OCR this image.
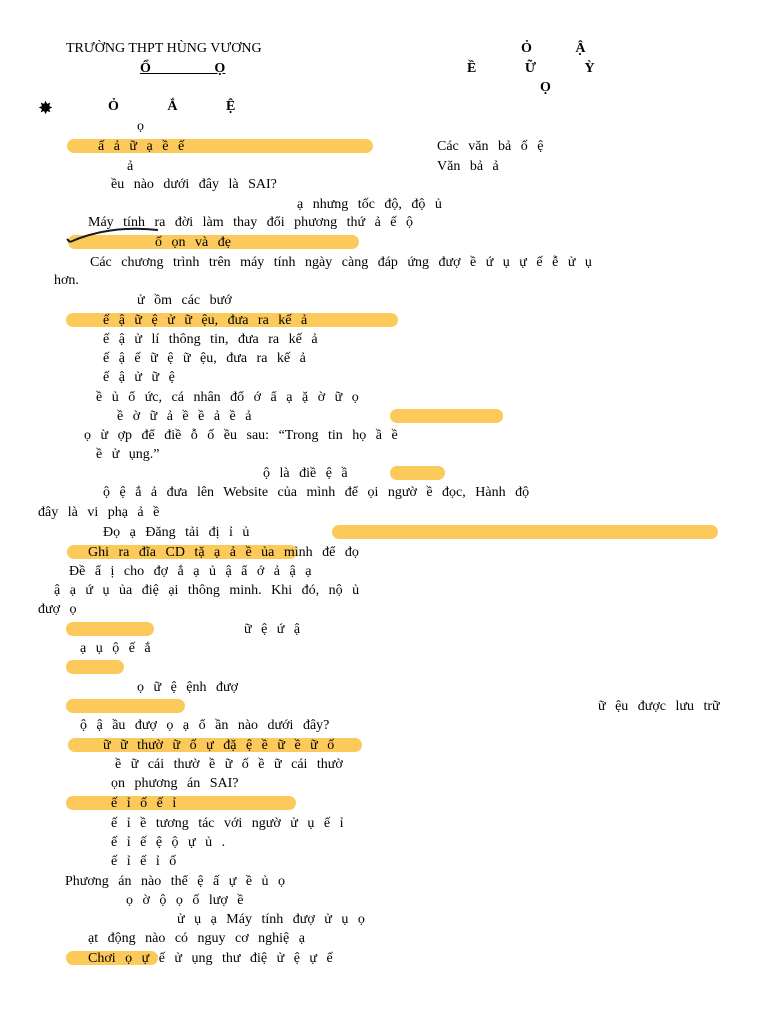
TRƯỜNG THPT HÙNG VƯƠNG
Ổ Ọ
Ỏ Ậ
Ề Ữ Ỳ
Ọ
✸	Ỏ Ắ Ệ
ọ
ấ ả ữ ạ ề ế	Các văn bả ố ệ
ả	Văn bả ả
ều nào dưới đây là SAI?
ạ nhưng tốc độ, độ ủ
Máy tính ra đời làm thay đổi phương thứ ả ế ộ
ố ọn và đẹ
Các chương trình trên máy tính ngày càng đáp ứng đượ ề ứ ụ ự ế ễ ử ụ
hơn.
ử ồm các bướ
ế ậ ữ ệ ử ữ ệu, đưa ra kế ả
ế ậ ử lí thông tin, đưa ra kế ả
ế ậ ế ữ ệ ữ ệu, đưa ra kế ả
ế ậ ử ữ ệ
ề ủ ổ ức, cá nhân đổ ớ ẩ ạ ặ ờ ữ ọ
ề ờ ữ ả ề ề ả ề ả
ọ ừ ợp để điề ỗ ố ều sau: “Trong tin họ ầ ề
ề ử ụng.”
ộ là điề ệ ầ
ộ ệ ắ ả đưa lên Website của mình để ọi ngườ ề đọc, Hành độ
đây là vi phạ ả ề
Đọ ạ Đăng tải đị ỉ ủ
Ghi ra đĩa CD tặ ạ ả ề ủa mình để đọ
Đề ẩ ị cho đợ ắ ạ ủ ậ ẩ ớ ả ậ ạ
ậ ạ ứ ụ ủa điệ ại thông minh. Khi đó, nộ ủ
đượ ọ
ữ ệ ứ ậ
ạ ụ ộ ế ắ
ọ ữ ệ ệnh đượ
ữ ệu được lưu trữ
ộ ậ ầu đượ ọ ạ ổ ần nào dưới đây?
ữ ữ thườ ữ ố ự đặ ệ ề ữ ề ữ ố
ề ữ cái thườ ề ữ ố ề ữ cái thườ
ọn phương án SAI?
ế ỉ ố ế ỉ
ế ỉ ề tương tác với ngườ ử ụ ế ỉ
ế ỉ ế ệ ộ ự ủ .
ế ỉ ế ỉ ố
Phương án nào thể ệ ấ ự ề ủ ọ
ọ ờ ộ ọ ố lượ ề
ử ụ ạ Máy tính đượ ử ụ ọ
ạt động nào có nguy cơ nghiệ ạ
Chơi ọ ự ế ử ụng thư điệ ử ệ ự ế
